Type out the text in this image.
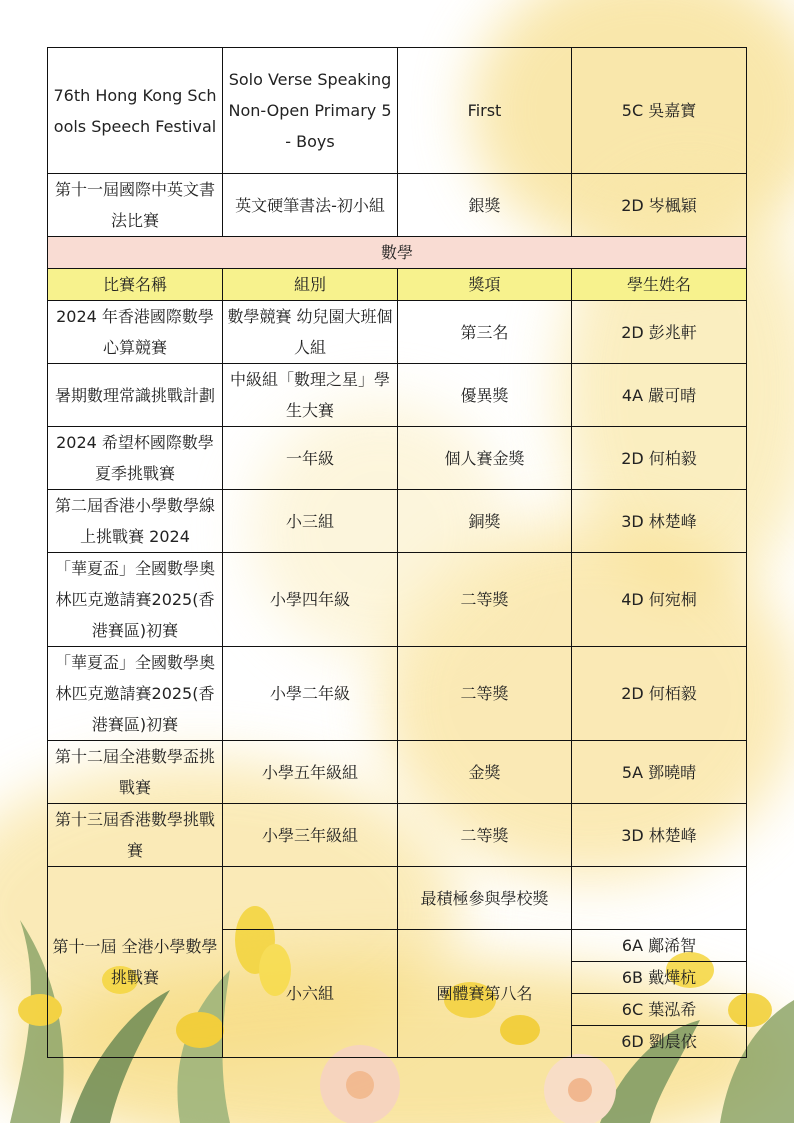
76th Hong Kong Schools Speech Festival	Solo Verse Speaking Non-Open Primary 5 - Boys	First	5C 吳嘉寶
第十一屆國際中英文書法比賽	英文硬筆書法-初小組	銀獎	2D 岑楓穎
數學			
比賽名稱	組別	獎項	學生姓名
2024 年香港國際數學心算競賽	數學競賽 幼兒園大班個人組	第三名	2D 彭兆軒
暑期數理常識挑戰計劃	中級組「數理之星」學生大賽	優異獎	4A 嚴可晴
2024 希望杯國際數學夏季挑戰賽	一年級	個人賽金獎	2D 何柏毅
第二屆香港小學數學線上挑戰賽 2024	小三組	銅獎	3D 林楚峰
「華夏盃」全國數學奧林匹克邀請賽2025(香港賽區)初賽	小學四年級	二等獎	4D 何宛桐
「華夏盃」全國數學奧林匹克邀請賽2025(香港賽區)初賽	小學二年級	二等獎	2D 何栢毅
第十二屆全港數學盃挑戰賽	小學五年級組	金獎	5A 鄧曉晴
第十三屆香港數學挑戰賽	小學三年級組	二等獎	3D 林楚峰
第十一屆 全港小學數學挑戰賽		最積極參與學校獎	
	小六組	團體賽第八名	6A 鄺浠智
			6B 戴燁杭
			6C 葉泓希
			6D 劉晨依
